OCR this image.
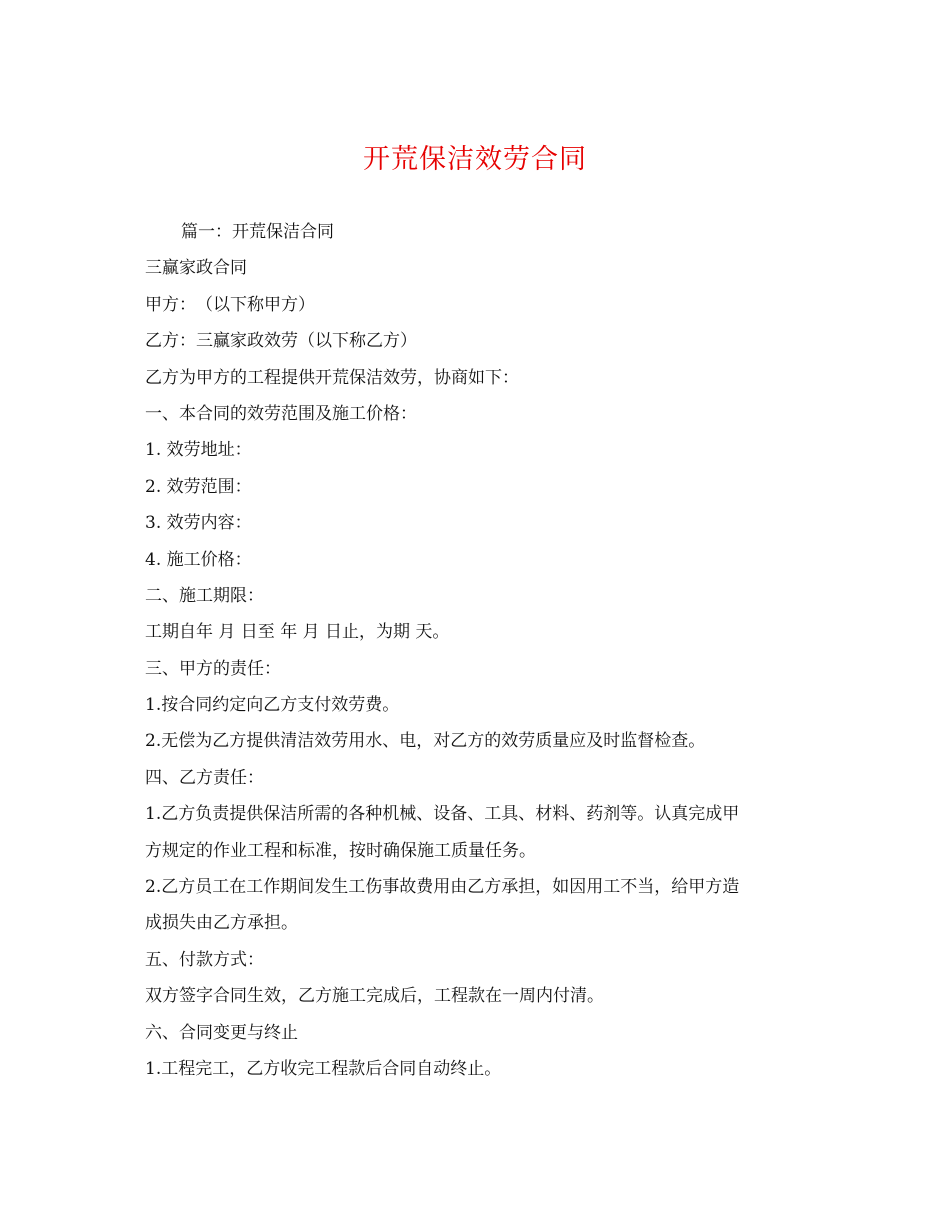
开荒保洁效劳合同
篇一：开荒保洁合同
三赢家政合同
甲方：　（以下称甲方）
乙方：三赢家政效劳（以下称乙方）
乙方为甲方的工程提供开荒保洁效劳，协商如下：
一、本合同的效劳范围及施工价格：
1. 效劳地址：
2. 效劳范围：
3. 效劳内容：
4. 施工价格：
二、施工期限：
工期自年 月 日至 年 月 日止，为期 天。
三、甲方的责任：
1.按合同约定向乙方支付效劳费。
2.无偿为乙方提供清洁效劳用水、电，对乙方的效劳质量应及时监督检查。
四、乙方责任：
1.乙方负责提供保洁所需的各种机械、设备、工具、材料、药剂等。认真完成甲
方规定的作业工程和标准，按时确保施工质量任务。
2.乙方员工在工作期间发生工伤事故费用由乙方承担，如因用工不当，给甲方造
成损失由乙方承担。
五、付款方式：
双方签字合同生效，乙方施工完成后，工程款在一周内付清。
六、合同变更与终止
1.工程完工，乙方收完工程款后合同自动终止。
